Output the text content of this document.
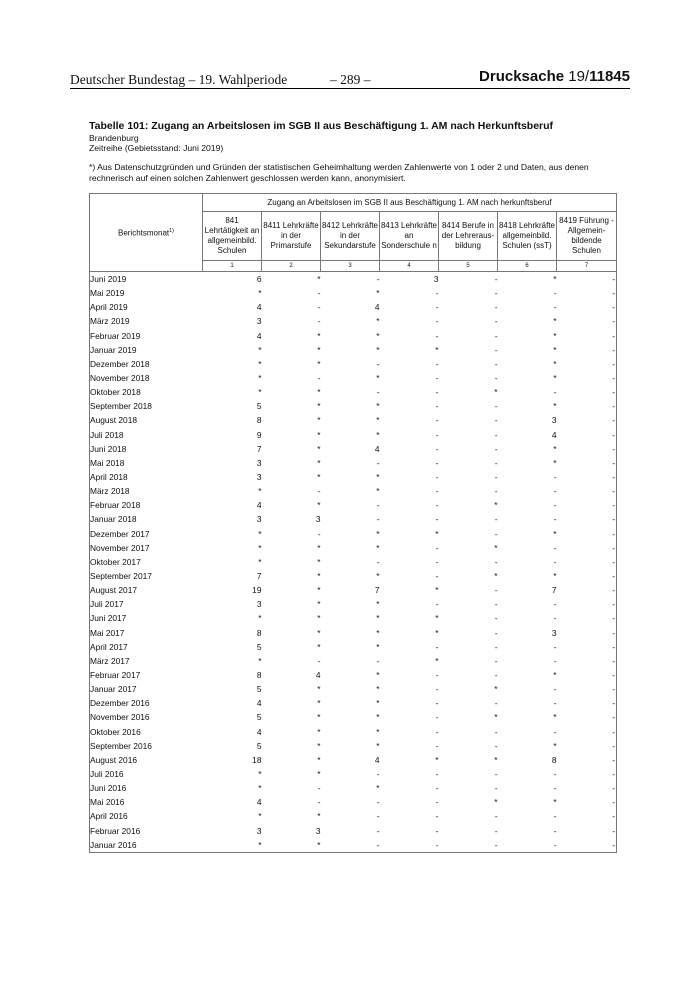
Deutscher Bundestag – 19. Wahlperiode	– 289 –	Drucksache 19/11845
Tabelle 101: Zugang an Arbeitslosen im SGB II aus Beschäftigung 1. AM nach Herkunftsberuf
Brandenburg
Zeitreihe (Gebietsstand: Juni 2019)
*) Aus Datenschutzgründen und Gründen der statistischen Geheimhaltung werden Zahlenwerte von 1 oder 2 und Daten, aus denen rechnerisch auf einen solchen Zahlenwert geschlossen werden kann, anonymisiert.
Berichtsmonat$^{1)}$	Zugang an Arbeitslosen im SGB II aus Beschäftigung 1. AM nach herkunftsberuf						
	841 Lehrtätigkeit an allgemeinbild. Schulen	8411 Lehrkräfte in der Primarstufe	8412 Lehrkräfte in der Sekundarstufe	8413 Lehrkräfte an Sonderschule n	8414 Berufe in der Lehreraus-bildung	8418 Lehrkräfte allgemeinbild. Schulen (ssT)	8419 Führung - Allgemein-bildende Schulen
	1	2	3	4	5	6	7
Juni 2019	6	*	-	3	-	*	-
Mai 2019	*	-	*	-	-	-	-
April 2019	4	-	4	-	-	-	-
März 2019	3	-	*	-	-	*	-
Februar 2019	4	*	*	-	-	*	-
Januar 2019	*	*	*	*	-	*	-
Dezember 2018	*	*	-	-	-	*	-
November 2018	*	-	*	-	-	*	-
Oktober 2018	*	*	-	-	*	-	-
September 2018	5	*	*	-	-	*	-
August 2018	8	*	*	-	-	3	-
Juli 2018	9	*	*	-	-	4	-
Juni 2018	7	*	4	-	-	*	-
Mai 2018	3	*	-	-	-	*	-
April 2018	3	*	*	-	-	-	-
März 2018	*	-	*	-	-	-	-
Februar 2018	4	*	-	-	*	-	-
Januar 2018	3	3	-	-	-	-	-
Dezember 2017	*	-	*	*	-	*	-
November 2017	*	*	*	-	*	-	-
Oktober 2017	*	*	-	-	-	-	-
September 2017	7	*	*	-	*	*	-
August 2017	19	*	7	*	-	7	-
Juli 2017	3	*	*	-	-	-	-
Juni 2017	*	*	*	*	-	-	-
Mai 2017	8	*	*	*	-	3	-
April 2017	5	*	*	-	-	-	-
März 2017	*	-	-	*	-	-	-
Februar 2017	8	4	*	-	-	*	-
Januar 2017	5	*	*	-	*	-	-
Dezember 2016	4	*	*	-	-	-	-
November 2016	5	*	*	-	*	*	-
Oktober 2016	4	*	*	-	-	-	-
September 2016	5	*	*	-	-	*	-
August 2016	18	*	4	*	*	8	-
Juli 2016	*	*	-	-	-	-	-
Juni 2016	*	-	*	-	-	-	-
Mai 2016	4	-	-	-	*	*	-
April 2016	*	*	-	-	-	-	-
Februar 2016	3	3	-	-	-	-	-
Januar 2016	*	*	-	-	-	-	-
